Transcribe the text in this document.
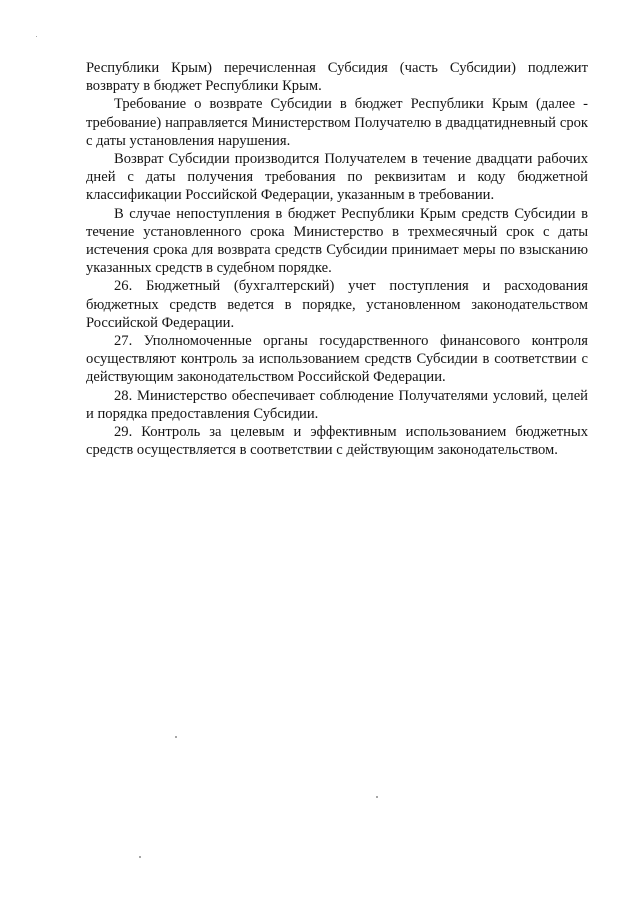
Республики Крым) перечисленная Субсидия (часть Субсидии) подлежит возврату в бюджет Республики Крым.

Требование о возврате Субсидии в бюджет Республики Крым (далее - требование) направляется Министерством Получателю в двадцатидневный срок с даты установления нарушения.

Возврат Субсидии производится Получателем в течение двадцати рабочих дней с даты получения требования по реквизитам и коду бюджетной классификации Российской Федерации, указанным в требовании.

В случае непоступления в бюджет Республики Крым средств Субсидии в течение установленного срока Министерство в трехмесячный срок с даты истечения срока для возврата средств Субсидии принимает меры по взысканию указанных средств в судебном порядке.

26. Бюджетный (бухгалтерский) учет поступления и расходования бюджетных средств ведется в порядке, установленном законодательством Российской Федерации.

27. Уполномоченные органы государственного финансового контроля осуществляют контроль за использованием средств Субсидии в соответствии с действующим законодательством Российской Федерации.

28. Министерство обеспечивает соблюдение Получателями условий, целей и порядка предоставления Субсидии.

29. Контроль за целевым и эффективным использованием бюджетных средств осуществляется в соответствии с действующим законодательством.
